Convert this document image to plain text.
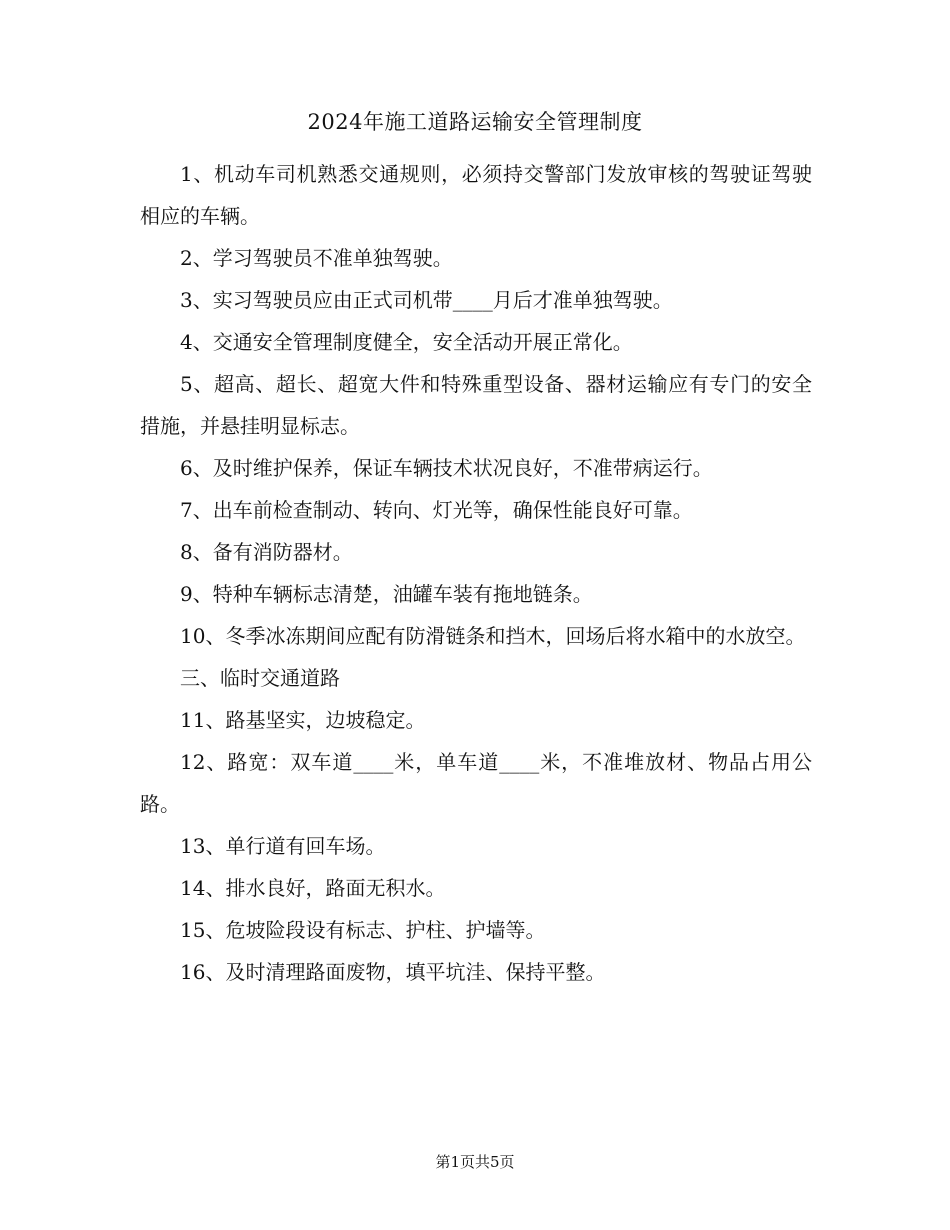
2024年施工道路运输安全管理制度

1、机动车司机熟悉交通规则，必须持交警部门发放审核的驾驶证驾驶相应的车辆。

2、学习驾驶员不准单独驾驶。

3、实习驾驶员应由正式司机带____月后才准单独驾驶。

4、交通安全管理制度健全，安全活动开展正常化。

5、超高、超长、超宽大件和特殊重型设备、器材运输应有专门的安全措施，并悬挂明显标志。

6、及时维护保养，保证车辆技术状况良好，不准带病运行。

7、出车前检查制动、转向、灯光等，确保性能良好可靠。

8、备有消防器材。

9、特种车辆标志清楚，油罐车装有拖地链条。

10、冬季冰冻期间应配有防滑链条和挡木，回场后将水箱中的水放空。

三、临时交通道路

11、路基坚实，边坡稳定。

12、路宽：双车道____米，单车道____米，不准堆放材、物品占用公路。

13、单行道有回车场。

14、排水良好，路面无积水。

15、危坡险段设有标志、护柱、护墙等。

16、及时清理路面废物，填平坑洼、保持平整。

第1页共5页
